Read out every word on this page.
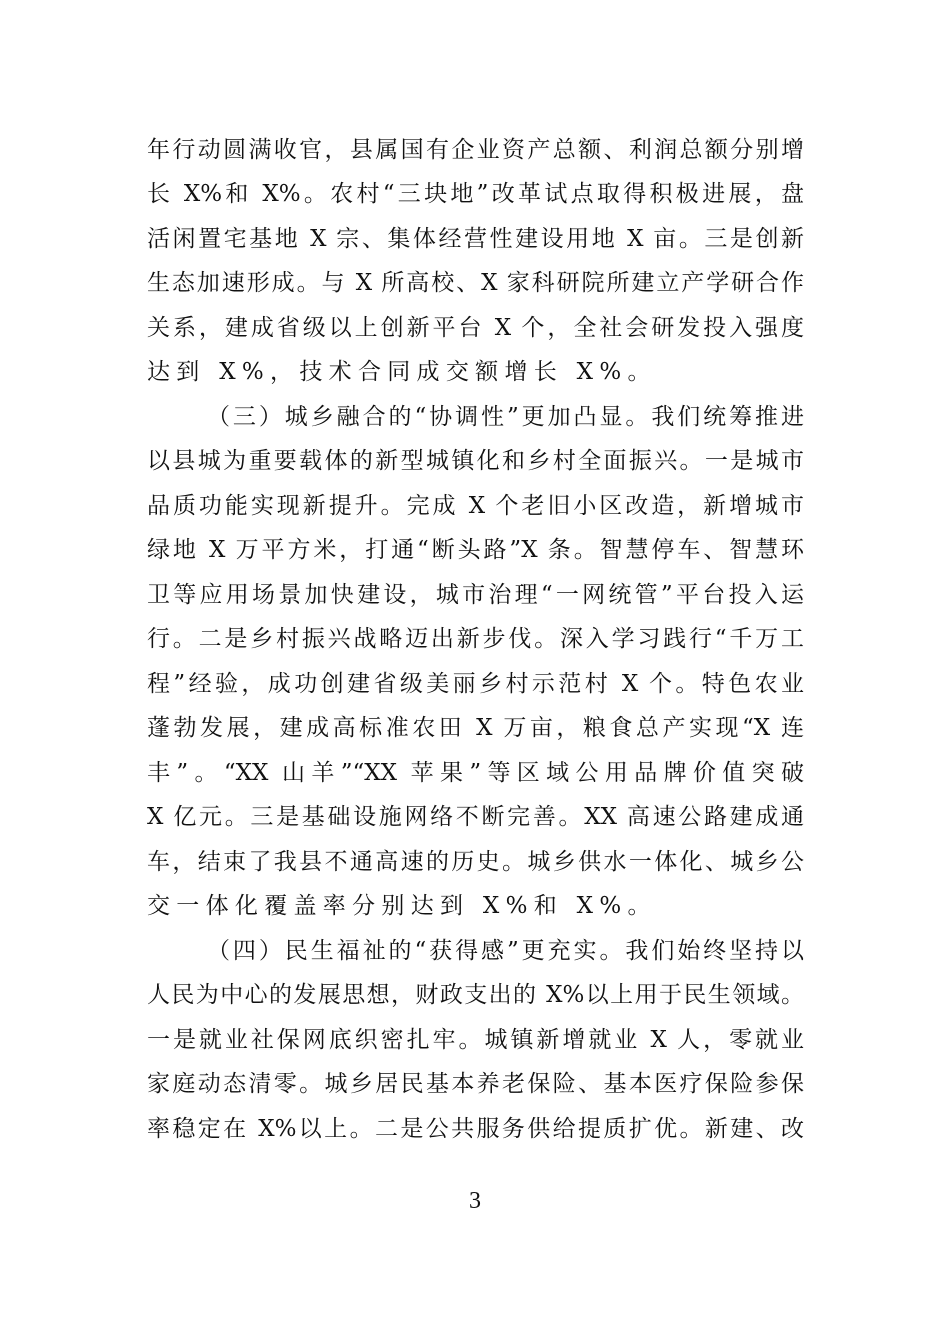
年行动圆满收官，县属国有企业资产总额、利润总额分别增
长 X%和 X%。农村“三块地”改革试点取得积极进展，盘
活闲置宅基地 X 宗、集体经营性建设用地 X 亩。三是创新
生态加速形成。与 X 所高校、X 家科研院所建立产学研合作
关系，建成省级以上创新平台 X 个，全社会研发投入强度
达到 X%，技术合同成交额增长 X%。
（三）城乡融合的“协调性”更加凸显。我们统筹推进
以县城为重要载体的新型城镇化和乡村全面振兴。一是城市
品质功能实现新提升。完成 X 个老旧小区改造，新增城市
绿地 X 万平方米，打通“断头路”X 条。智慧停车、智慧环
卫等应用场景加快建设，城市治理“一网统管”平台投入运
行。二是乡村振兴战略迈出新步伐。深入学习践行“千万工
程”经验，成功创建省级美丽乡村示范村 X 个。特色农业
蓬勃发展，建成高标准农田 X 万亩，粮食总产实现“X 连
丰”。“XX 山羊”“XX 苹果”等区域公用品牌价值突破
X 亿元。三是基础设施网络不断完善。XX 高速公路建成通
车，结束了我县不通高速的历史。城乡供水一体化、城乡公
交一体化覆盖率分别达到 X%和 X%。
（四）民生福祉的“获得感”更充实。我们始终坚持以
人民为中心的发展思想，财政支出的 X%以上用于民生领域。
一是就业社保网底织密扎牢。城镇新增就业 X 人，零就业
家庭动态清零。城乡居民基本养老保险、基本医疗保险参保
率稳定在 X%以上。二是公共服务供给提质扩优。新建、改
3
